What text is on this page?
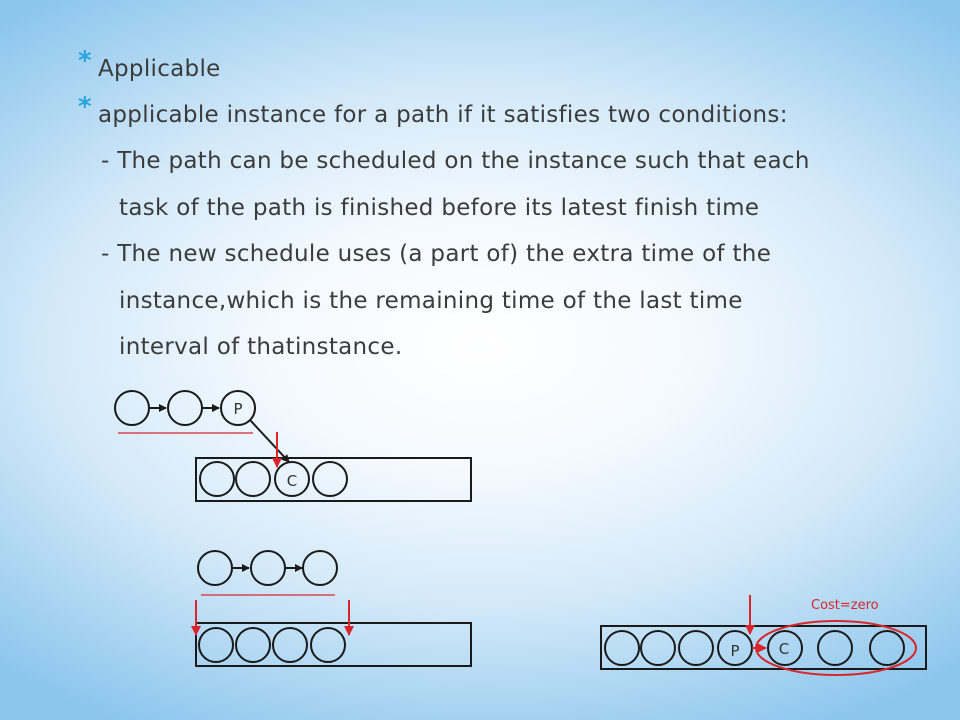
* Applicable
* applicable instance for a path if it satisfies two conditions:
- The path can be scheduled on the instance such that each
task of the path is finished before its latest finish time
- The new schedule uses (a part of) the extra time of the
instance,which is the remaining time of the last time
interval of thatinstance.
P
C
P	C
Cost=zero
